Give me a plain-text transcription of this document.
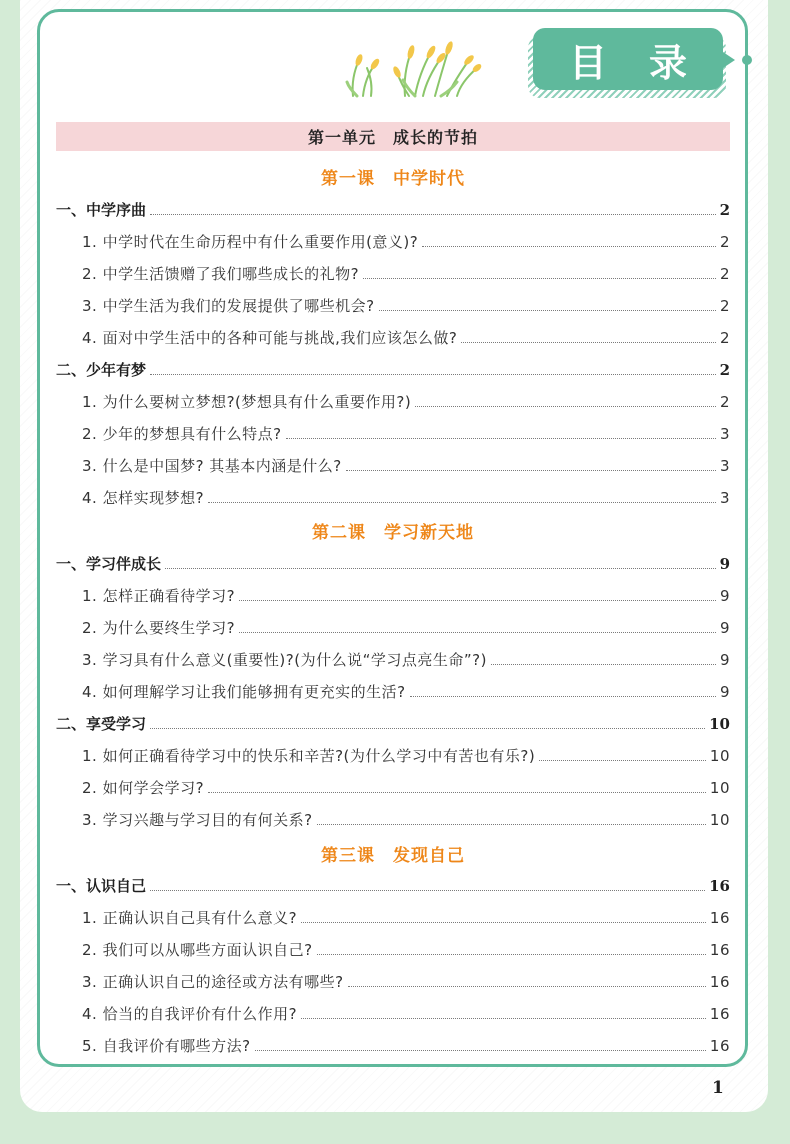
目录
第一单元　成长的节拍
第一课　中学时代
一、中学序曲	2
1. 中学时代在生命历程中有什么重要作用(意义)?	2
2. 中学生活馈赠了我们哪些成长的礼物?	2
3. 中学生活为我们的发展提供了哪些机会?	2
4. 面对中学生活中的各种可能与挑战,我们应该怎么做?	2
二、少年有梦	2
1. 为什么要树立梦想?(梦想具有什么重要作用?)	2
2. 少年的梦想具有什么特点?	3
3. 什么是中国梦? 其基本内涵是什么?	3
4. 怎样实现梦想?	3
第二课　学习新天地
一、学习伴成长	9
1. 怎样正确看待学习?	9
2. 为什么要终生学习?	9
3. 学习具有什么意义(重要性)?(为什么说“学习点亮生命”?)	9
4. 如何理解学习让我们能够拥有更充实的生活?	9
二、享受学习	10
1. 如何正确看待学习中的快乐和辛苦?(为什么学习中有苦也有乐?)	10
2. 如何学会学习?	10
3. 学习兴趣与学习目的有何关系?	10
第三课　发现自己
一、认识自己	16
1. 正确认识自己具有什么意义?	16
2. 我们可以从哪些方面认识自己?	16
3. 正确认识自己的途径或方法有哪些?	16
4. 恰当的自我评价有什么作用?	16
5. 自我评价有哪些方法?	16
1
